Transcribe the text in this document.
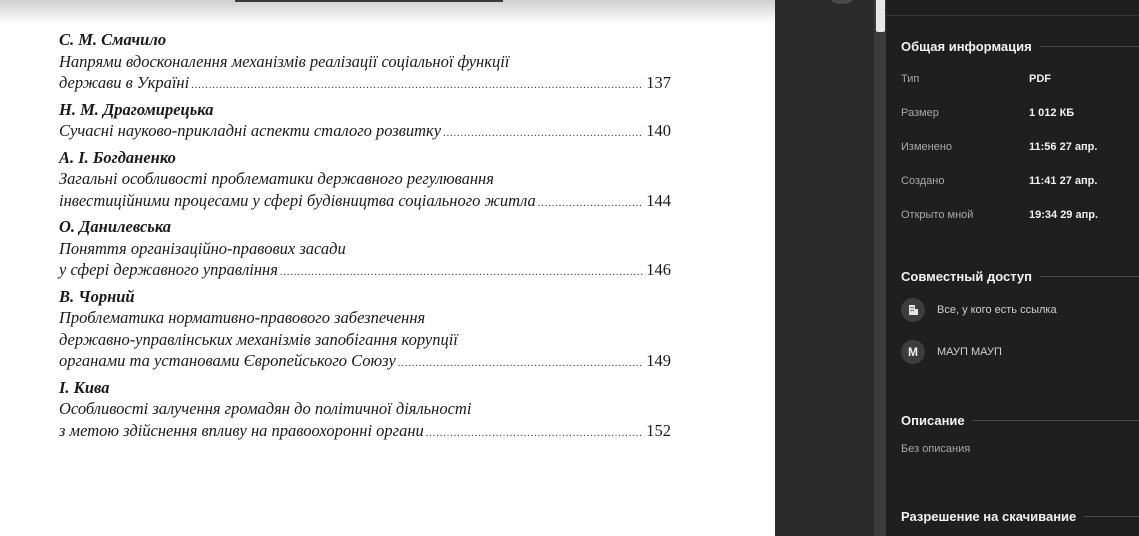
С. М. Смачило
Напрями вдосконалення механізмів реалізації соціальної функції
держави в Україні .....	137
Н. М. Драгомирецька
Сучасні науково-прикладні аспекти сталого розвитку .....	140
А. І. Богданенко
Загальні особливості проблематики державного регулювання
інвестиційними процесами у сфері будівництва соціального житла .....	144
О. Данилевська
Поняття організаційно-правових засади
у сфері державного управління .....	146
В. Чорний
Проблематика нормативно-правового забезпечення
державно-управлінських механізмів запобігання корупції
органами та установами Європейського Союзу .....	149
І. Кива
Особливості залучення громадян до політичної діяльності
з метою здійснення впливу на правоохоронні органи .....	152
Общая информация
Тип	PDF
Размер	1 012 КБ
Изменено	11:56 27 апр.
Создано	11:41 27 апр.
Открыто мной	19:34 29 апр.
Совместный доступ
Все, у кого есть ссылка
М	МАУП МАУП
Описание
Без описания
Разрешение на скачивание
